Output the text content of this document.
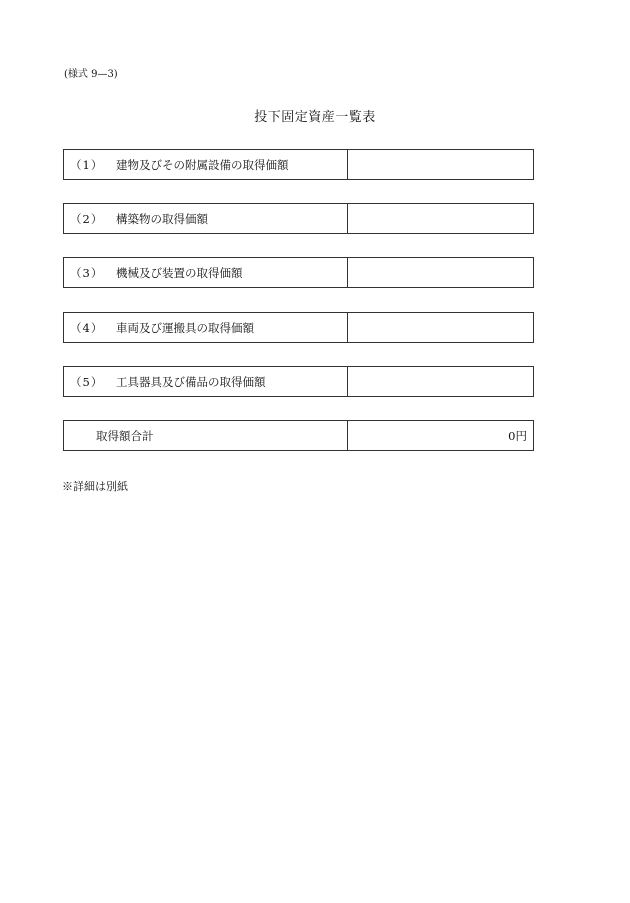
(様式 9—3)
投下固定資産一覧表
（1）	建物及びその附属設備の取得価額
（2）	構築物の取得価額
（3）	機械及び装置の取得価額
（4）	車両及び運搬具の取得価額
（5）	工具器具及び備品の取得価額
取得額合計	0円
※詳細は別紙
